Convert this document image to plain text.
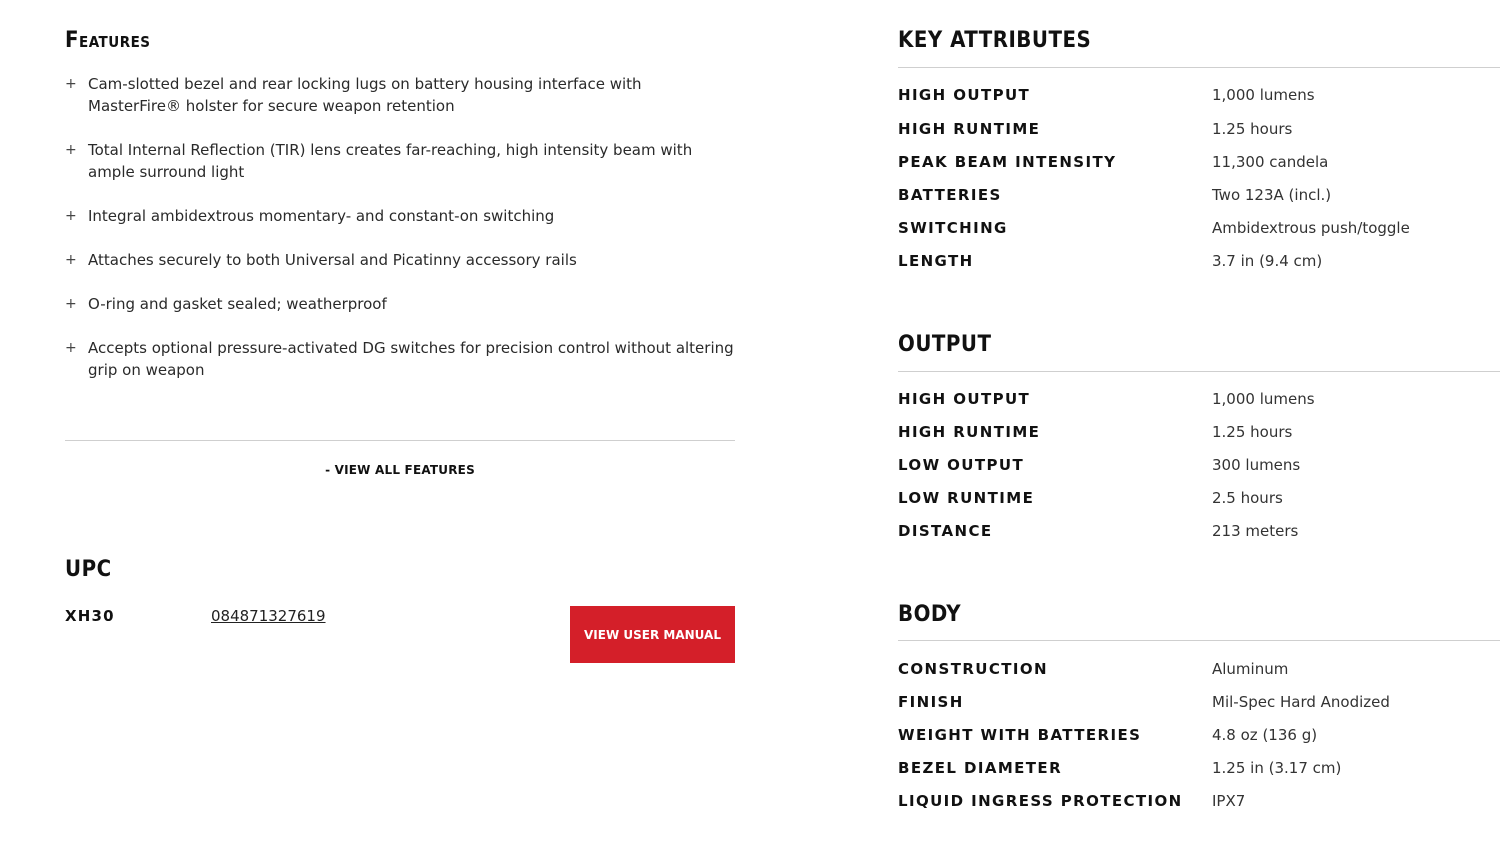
Features
+ Cam-slotted bezel and rear locking lugs on battery housing interface with MasterFire® holster for secure weapon retention
+ Total Internal Reflection (TIR) lens creates far-reaching, high intensity beam with ample surround light
+ Integral ambidextrous momentary- and constant-on switching
+ Attaches securely to both Universal and Picatinny accessory rails
+ O-ring and gasket sealed; weatherproof
+ Accepts optional pressure-activated DG switches for precision control without altering grip on weapon
- VIEW ALL FEATURES
UPC
XH30	084871327619
VIEW USER MANUAL
KEY ATTRIBUTES
HIGH OUTPUT	1,000 lumens
HIGH RUNTIME	1.25 hours
PEAK BEAM INTENSITY	11,300 candela
BATTERIES	Two 123A (incl.)
SWITCHING	Ambidextrous push/toggle
LENGTH	3.7 in (9.4 cm)
OUTPUT
HIGH OUTPUT	1,000 lumens
HIGH RUNTIME	1.25 hours
LOW OUTPUT	300 lumens
LOW RUNTIME	2.5 hours
DISTANCE	213 meters
BODY
CONSTRUCTION	Aluminum
FINISH	Mil-Spec Hard Anodized
WEIGHT WITH BATTERIES	4.8 oz (136 g)
BEZEL DIAMETER	1.25 in (3.17 cm)
LIQUID INGRESS PROTECTION IPX7
